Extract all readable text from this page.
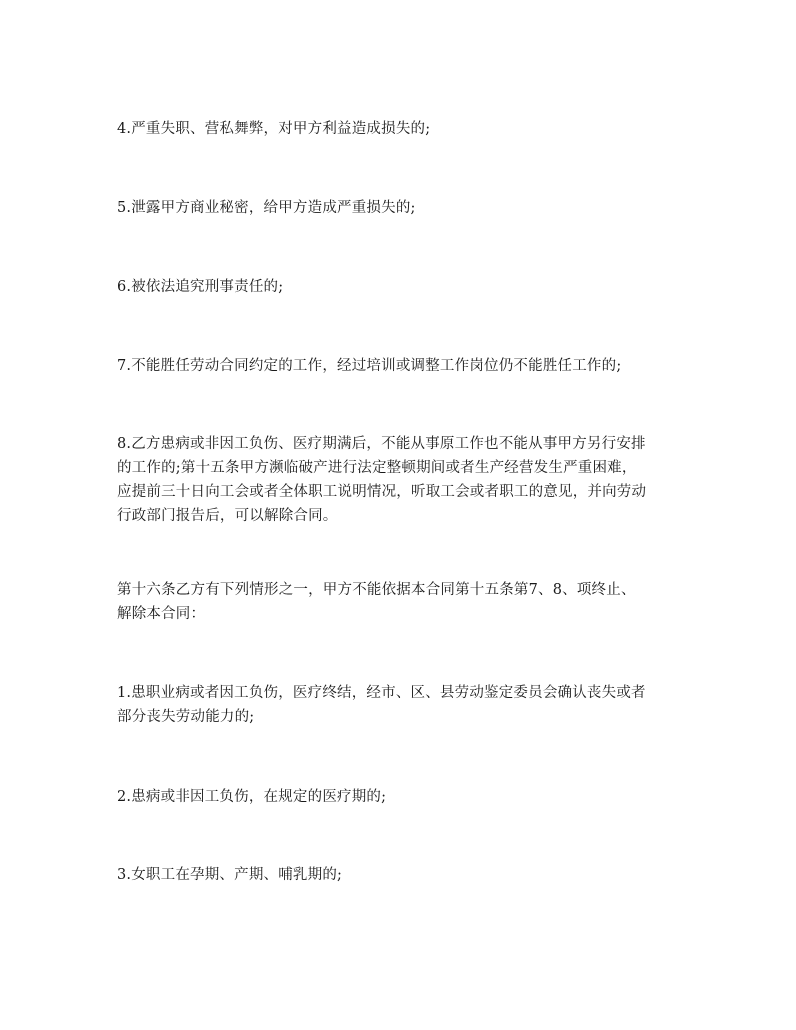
4.严重失职、营私舞弊，对甲方利益造成损失的;

5.泄露甲方商业秘密，给甲方造成严重损失的;

6.被依法追究刑事责任的;

7.不能胜任劳动合同约定的工作，经过培训或调整工作岗位仍不能胜任工作的;

8.乙方患病或非因工负伤、医疗期满后，不能从事原工作也不能从事甲方另行安排
的工作的;第十五条甲方濒临破产进行法定整顿期间或者生产经营发生严重困难，
应提前三十日向工会或者全体职工说明情况，听取工会或者职工的意见，并向劳动
行政部门报告后，可以解除合同。

第十六条乙方有下列情形之一，甲方不能依据本合同第十五条第7、8、项终止、
解除本合同：

1.患职业病或者因工负伤，医疗终结，经市、区、县劳动鉴定委员会确认丧失或者
部分丧失劳动能力的;

2.患病或非因工负伤，在规定的医疗期的;

3.女职工在孕期、产期、哺乳期的;
